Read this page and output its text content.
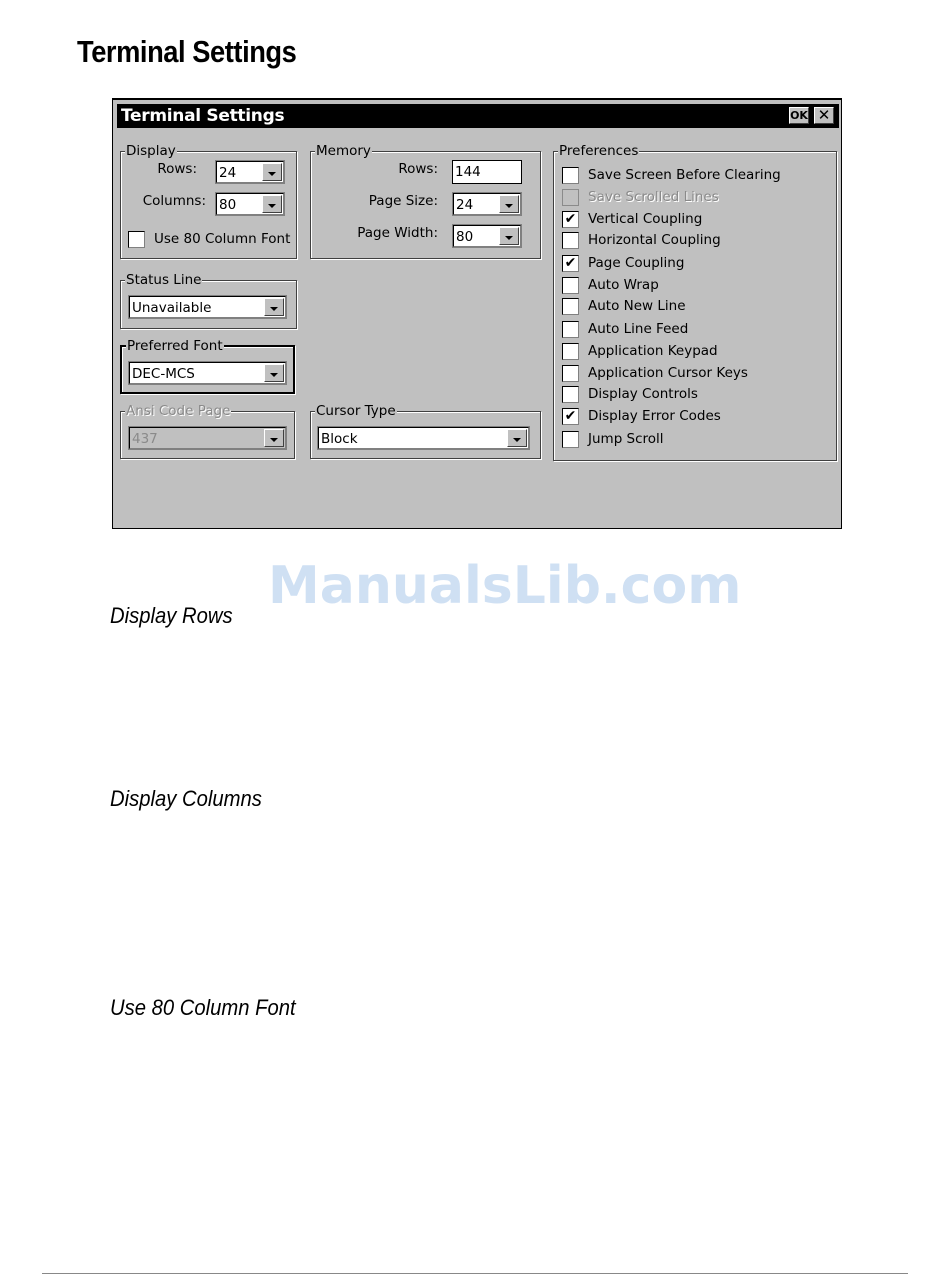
Terminal Settings
Terminal Settings	OK ✕
Display
Rows: 24
Columns: 80
Use 80 Column Font
Memory
Rows: 144
Page Size: 24
Page Width: 80
Status Line
Unavailable
Preferred Font
DEC-MCS
Ansi Code Page
437
Cursor Type
Block
Preferences
Save Screen Before Clearing
Save Scrolled Lines
✔ Vertical Coupling
Horizontal Coupling
✔ Page Coupling
Auto Wrap
Auto New Line
Auto Line Feed
Application Keypad
Application Cursor Keys
Display Controls
✔ Display Error Codes
Jump Scroll
ManualsLib.com
Display Rows
Display Columns
Use 80 Column Font
